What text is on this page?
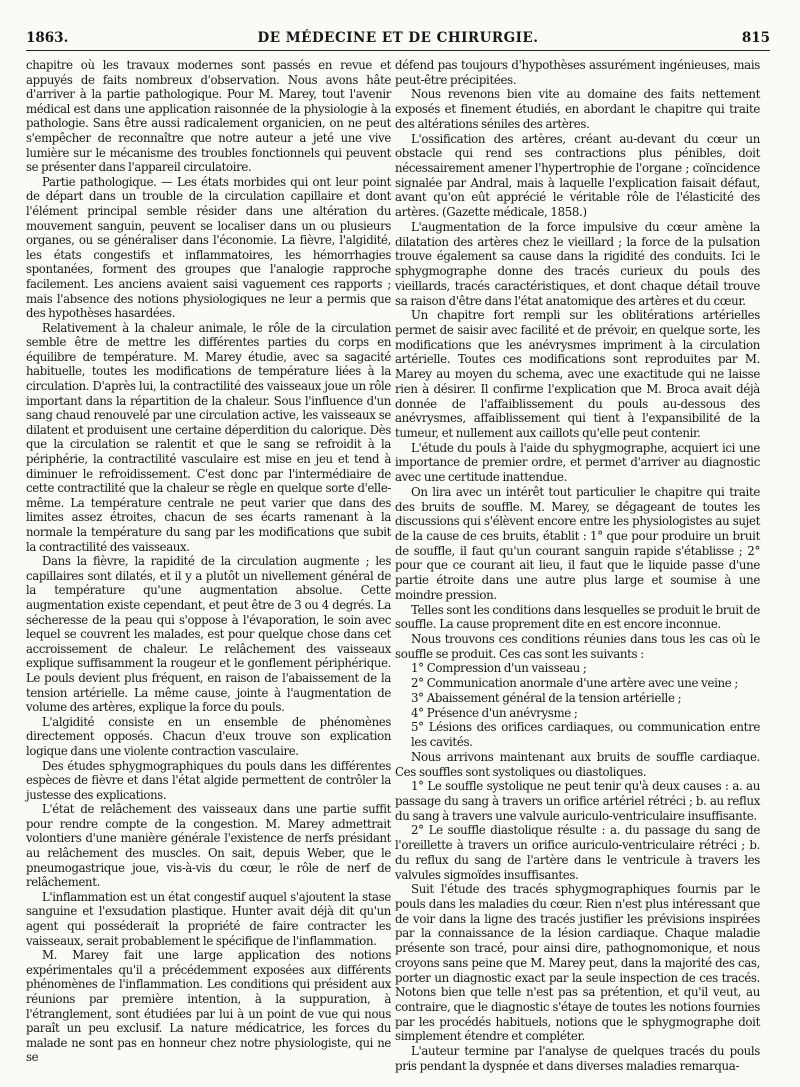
1863.	DE MÉDECINE ET DE CHIRURGIE.	815

chapitre où les travaux modernes sont passés en revue et appuyés de faits nombreux d'observation. Nous avons hâte d'arriver à la partie pathologique. Pour M. Marey, tout l'avenir médical est dans une application raisonnée de la physiologie à la pathologie. Sans être aussi radicalement organicien, on ne peut s'empêcher de reconnaître que notre auteur a jeté une vive lumière sur le mécanisme des troubles fonctionnels qui peuvent se présenter dans l'appareil circulatoire.

Partie pathologique. — Les états morbides qui ont leur point de départ dans un trouble de la circulation capillaire et dont l'élément principal semble résider dans une altération du mouvement sanguin, peuvent se localiser dans un ou plusieurs organes, ou se généraliser dans l'économie. La fièvre, l'algidité, les états congestifs et inflammatoires, les hémorrhagies spontanées, forment des groupes que l'analogie rapproche facilement. Les anciens avaient saisi vaguement ces rapports ; mais l'absence des notions physiologiques ne leur a permis que des hypothèses hasardées.

Relativement à la chaleur animale, le rôle de la circulation semble être de mettre les différentes parties du corps en équilibre de température. M. Marey étudie, avec sa sagacité habituelle, toutes les modifications de température liées à la circulation. D'après lui, la contractilité des vaisseaux joue un rôle important dans la répartition de la chaleur. Sous l'influence d'un sang chaud renouvelé par une circulation active, les vaisseaux se dilatent et produisent une certaine déperdition du calorique. Dès que la circulation se ralentit et que le sang se refroidit à la périphérie, la contractilité vasculaire est mise en jeu et tend à diminuer le refroidissement. C'est donc par l'intermédiaire de cette contractilité que la chaleur se règle en quelque sorte d'elle-même. La température centrale ne peut varier que dans des limites assez étroites, chacun de ses écarts ramenant à la normale la température du sang par les modifications que subit la contractilité des vaisseaux.

Dans la fièvre, la rapidité de la circulation augmente ; les capillaires sont dilatés, et il y a plutôt un nivellement général de la température qu'une augmentation absolue. Cette augmentation existe cependant, et peut être de 3 ou 4 degrés. La sécheresse de la peau qui s'oppose à l'évaporation, le soin avec lequel se couvrent les malades, est pour quelque chose dans cet accroissement de chaleur. Le relâchement des vaisseaux explique suffisamment la rougeur et le gonflement périphérique. Le pouls devient plus fréquent, en raison de l'abaissement de la tension artérielle. La même cause, jointe à l'augmentation de volume des artères, explique la force du pouls.

L'algidité consiste en un ensemble de phénomènes directement opposés. Chacun d'eux trouve son explication logique dans une violente contraction vasculaire.

Des études sphygmographiques du pouls dans les différentes espèces de fièvre et dans l'état algide permettent de contrôler la justesse des explications.

L'état de relâchement des vaisseaux dans une partie suffit pour rendre compte de la congestion. M. Marey admettrait volontiers d'une manière générale l'existence de nerfs présidant au relâchement des muscles. On sait, depuis Weber, que le pneumogastrique joue, vis-à-vis du cœur, le rôle de nerf de relâchement.

L'inflammation est un état congestif auquel s'ajoutent la stase sanguine et l'exsudation plastique. Hunter avait déjà dit qu'un agent qui posséderait la propriété de faire contracter les vaisseaux, serait probablement le spécifique de l'inflammation.

M. Marey fait une large application des notions expérimentales qu'il a précédemment exposées aux différents phénomènes de l'inflammation. Les conditions qui président aux réunions par première intention, à la suppuration, à l'étranglement, sont étudiées par lui à un point de vue qui nous paraît un peu exclusif. La nature médicatrice, les forces du malade ne sont pas en honneur chez notre physiologiste, qui ne se

défend pas toujours d'hypothèses assurément ingénieuses, mais peut-être précipitées.

Nous revenons bien vite au domaine des faits nettement exposés et finement étudiés, en abordant le chapitre qui traite des altérations séniles des artères.

L'ossification des artères, créant au-devant du cœur un obstacle qui rend ses contractions plus pénibles, doit nécessairement amener l'hypertrophie de l'organe ; coïncidence signalée par Andral, mais à laquelle l'explication faisait défaut, avant qu'on eût apprécié le véritable rôle de l'élasticité des artères. (Gazette médicale, 1858.)

L'augmentation de la force impulsive du cœur amène la dilatation des artères chez le vieillard ; la force de la pulsation trouve également sa cause dans la rigidité des conduits. Ici le sphygmographe donne des tracés curieux du pouls des vieillards, tracés caractéristiques, et dont chaque détail trouve sa raison d'être dans l'état anatomique des artères et du cœur.

Un chapitre fort rempli sur les oblitérations artérielles permet de saisir avec facilité et de prévoir, en quelque sorte, les modifications que les anévrysmes impriment à la circulation artérielle. Toutes ces modifications sont reproduites par M. Marey au moyen du schema, avec une exactitude qui ne laisse rien à désirer. Il confirme l'explication que M. Broca avait déjà donnée de l'affaiblissement du pouls au-dessous des anévrysmes, affaiblissement qui tient à l'expansibilité de la tumeur, et nullement aux caillots qu'elle peut contenir.

L'étude du pouls à l'aide du sphygmographe, acquiert ici une importance de premier ordre, et permet d'arriver au diagnostic avec une certitude inattendue.

On lira avec un intérêt tout particulier le chapitre qui traite des bruits de souffle. M. Marey, se dégageant de toutes les discussions qui s'élèvent encore entre les physiologistes au sujet de la cause de ces bruits, établit : 1° que pour produire un bruit de souffle, il faut qu'un courant sanguin rapide s'établisse ; 2° pour que ce courant ait lieu, il faut que le liquide passe d'une partie étroite dans une autre plus large et soumise à une moindre pression.

Telles sont les conditions dans lesquelles se produit le bruit de souffle. La cause proprement dite en est encore inconnue.

Nous trouvons ces conditions réunies dans tous les cas où le souffle se produit. Ces cas sont les suivants :

1° Compression d'un vaisseau ;

2° Communication anormale d'une artère avec une veine ;

3° Abaissement général de la tension artérielle ;

4° Présence d'un anévrysme ;

5° Lésions des orifices cardiaques, ou communication entre les cavités.

Nous arrivons maintenant aux bruits de souffle cardiaque. Ces souffles sont systoliques ou diastoliques.

1° Le souffle systolique ne peut tenir qu'à deux causes : a. au passage du sang à travers un orifice artériel rétréci ; b. au reflux du sang à travers une valvule auriculo-ventriculaire insuffisante.

2° Le souffle diastolique résulte : a. du passage du sang de l'oreillette à travers un orifice auriculo-ventriculaire rétréci ; b. du reflux du sang de l'artère dans le ventricule à travers les valvules sigmoïdes insuffisantes.

Suit l'étude des tracés sphygmographiques fournis par le pouls dans les maladies du cœur. Rien n'est plus intéressant que de voir dans la ligne des tracés justifier les prévisions inspirées par la connaissance de la lésion cardiaque. Chaque maladie présente son tracé, pour ainsi dire, pathognomonique, et nous croyons sans peine que M. Marey peut, dans la majorité des cas, porter un diagnostic exact par la seule inspection de ces tracés. Notons bien que telle n'est pas sa prétention, et qu'il veut, au contraire, que le diagnostic s'étaye de toutes les notions fournies par les procédés habituels, notions que le sphygmographe doit simplement étendre et compléter.

L'auteur termine par l'analyse de quelques tracés du pouls pris pendant la dyspnée et dans diverses maladies remarqua-
